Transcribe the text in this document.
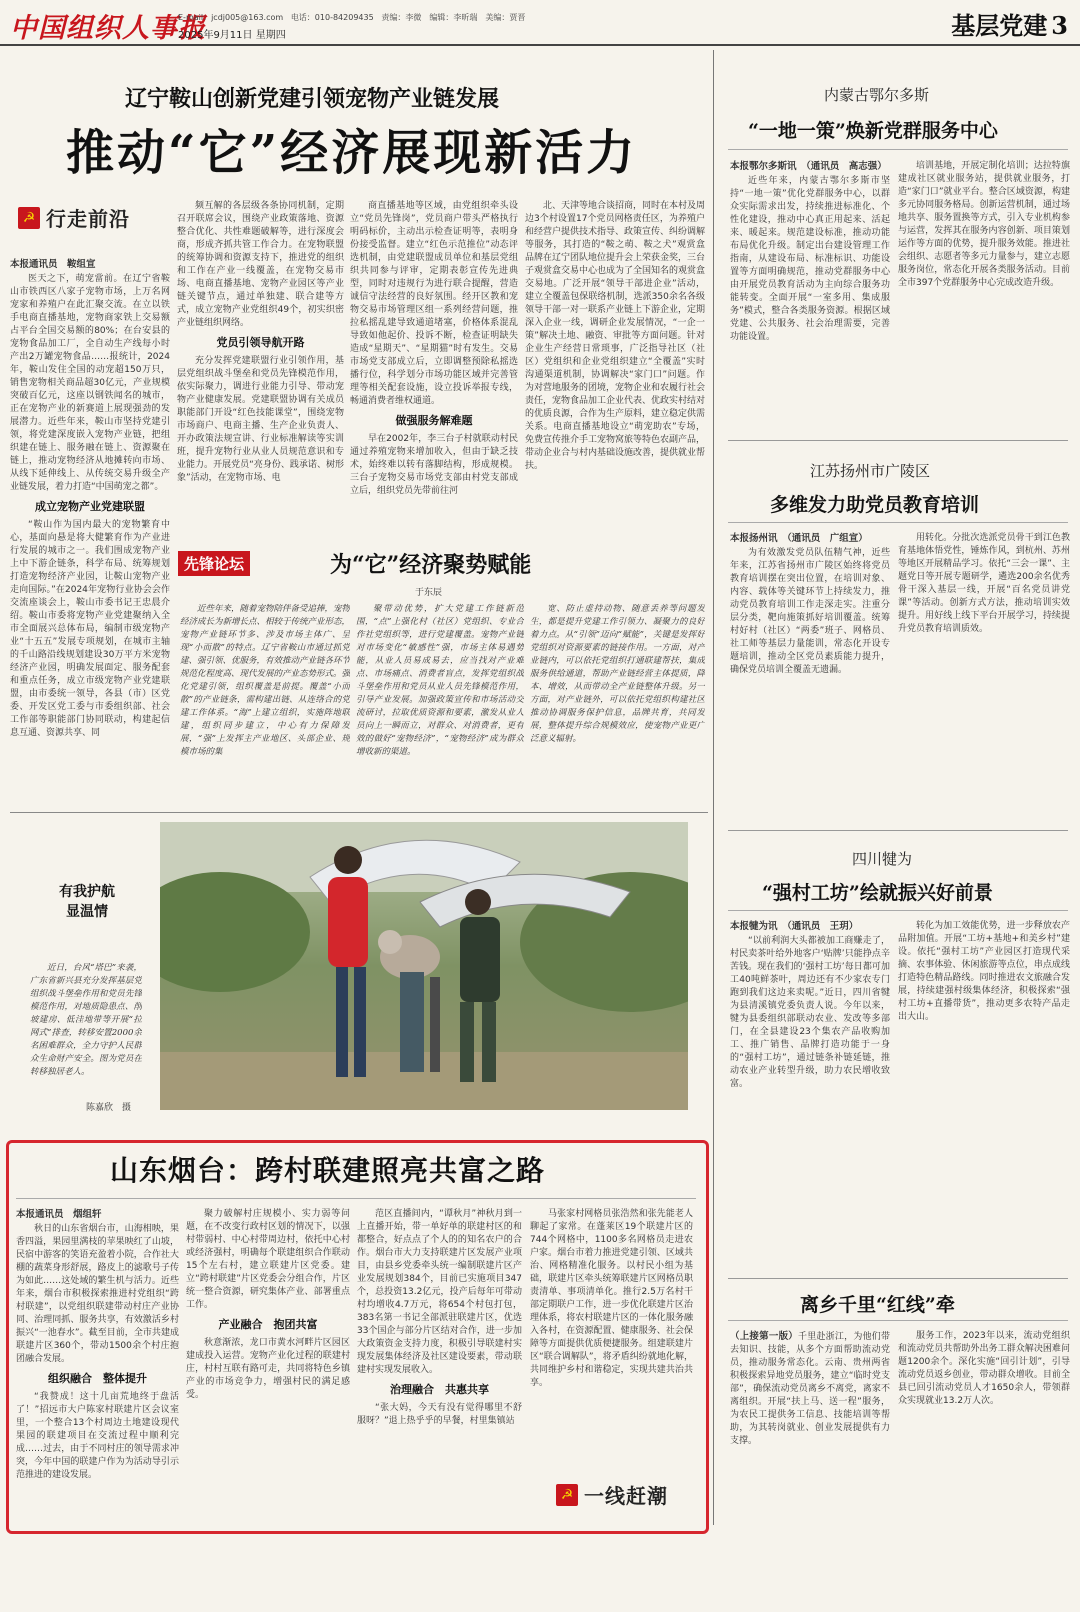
中国组织人事报
E-mail：jcdj005@163.com 电话：010-84209435 责编：李微　编辑：李昕瑞　美编：贾晋
2025年9月11日 星期四	基层党建 3
辽宁鞍山创新党建引领宠物产业链发展
推动“它”经济展现新活力
☭ 行走前沿
本报通讯员　鞍组宣

医天之下，萌宠當前。在辽宁省鞍山市铁西区八家子宠物市场，上万名网宠家和养殖户在此汇聚交流。在立以铁手电商直播基地，宠物商家铁上交易额占平台全国交易额的80%；在台安县的宠物食品加工厂，全自动生产线每小时产出2万罐宠物食品……报统计，2024年，鞍山发住全国的动宠超150万只，销售宠物相关商品超30亿元，产业规模突破百亿元，这座以钢铁闻名的城市，正在宠物产业的新赛道上展现强劲的发展潜力。近些年来，鞍山市坚持党建引领，将党建深度嵌入宠物产业链，把组织建在链上、服务融在链上、资源聚在链上，推动宠物经济从地摊转向市场、从线下延伸线上、从传统交易升级全产业链发展，着力打造“中国萌宠之都”。

成立宠物产业党建联盟

“鞍山作为国内最大的宠物繁育中心，基面向悬是将大健繁育作为产业进行发展的城市之一。我们围成宠物产业上中下游企链条，科学布局、统筹规划打造宠物经济产业园，让鞍山宠物产业走向国际。”在2024年宠物行业协会会作交流座谈会上，鞍山市委书记王忠晨介绍。鞍山市委将宠物产业党建聚纳入全市全面展兴总体布局，编制市级宠物产业“十五五”发展专项规划，在城市主轴的千山路沿线规划建设30万平方米宠物经济产业园，明确发展面定、服务配套和重点任务，成立市级宠物产业党建联盟，由市委统一领导，各县（市）区党委、开发区党工委与市委组织部、社会工作部等职能部门协同联动，构建起信息互通、资源共享、同

频互解的各层级各条协同机制，定期召开联席会议，围绕产业政策落地、资源整合优化、共性难题破解等，进行深度会商，形成齐抓共管工作合力。在宠物联盟的统筹协调和资源支持下，推进党的组织和工作在产业一线覆盖，在宠物交易市场、电商直播基地、宠物产业园区等产业链关键节点，通过单独建、联合建等方式，成立宠物产业党组织49个，初实织密产业链组织网络。

党员引领导航开路

充分发挥党建联盟行业引领作用，基层党组织战斗堡垒和党员先锋模范作用，依实际聚力，调进行业能力引导、带动宠物产业健康发展。党建联盟协调有关成员职能部门开设“红色技能课堂”，围绕宠物市场商户、电商主播、生产企业负责人、开办政策法规宣讲、行业标准解读等实训班，提升宠物行业从业人员规范意识和专业能力。开展党员“亮身份、践承诺、树形象”活动，在宠物市场、电

商直播基地等区域，由党组织牵头设立“党员先锋岗”，党员商户带头严格执行明码标价，主动出示检查证明等，表明身份接受监督。建立“红色示范推位”动态评选机制，由党建联盟成员单位和基层党组织共同参与评审，定期表彰宣传先进典型，同时对违规行为进行联合提醒，营造诚信守法经营的良好氛围。经开区教和宠物交易市场管理区组一系列经营问题，推拉私摇乱建导致通道堵塞，价格体系混乱导致如他起价、投诉不断，检查证明缺失造成“星期天”、“星期猫”时有发生。交易市场党支部成立后，立即调整预除私摇选播行位，科学划分市场功能区域并完善管理等相关配套设施，设立投诉举报专线，畅通消费者维权通道。

做强服务解难题

早在2002年，李三台子村就联动村民通过养殖宠物来增加收入，但由于缺乏技术，始终难以转有落脚结构，形成规模。三台子宠物交易市场党支部由村党支部成立后，组织党员先带前往河

北、天津等地合谈招商，同时在本村及周边3个村设置17个党员网格责任区，为养殖户和经营户提供技术指导、政策宣传、纠纷调解等服务，其打造的“鞍之萌、鞍之犬”观赏盒品牌在辽宁团队地位提升会上荣获金奖，三台子观赏盒交易中心也成为了全国知名的观赏盒交易地。广泛开展“领导干部进企业”活动，建立全覆盖包保联络机制，选派350余名各级领导干部一对一联系产业链上下游企业，定期深入企业一线，调研企业发展情况，“一企一策”解决土地、融资、审批等方面问题。针对企业生产经营日常琐事，广泛指导社区（社区）党组织和企业党组织建立“全覆盖”实时沟通渠道机制，协调解决“家门口”问题。作为对营地服务的团境，宠物企业和农履行社会责任，宠物食品加工企业代表、优政实村结对的优质良源，合作为生产原料，建立稳定供需关系。电商直播基地设立“萌宠助农”专场，免费宣传推介手工宠物窝旅等特色农副产品，带动企业合与村内基础设施改善，提供就业帮扶。

先锋论坛	为“它”经济聚势赋能
于东辰

近些年来，随着宠物陪伴备受追捧，宠物经济成长为新增长点、相较于传统产业形态，宠物产业链环节多、涉及市场主体广、呈现“小而散”的特点。辽宁省鞍山市通过抓党建、强引领、优服务，有效推动产业链各环节规范化程度高、现代发展的产业态势形式。强化党建引领，组织覆盖是前提。覆盖“小而散”的产业链条，需构建出链、从连络合的党建工作体系。“海”上建立组织，实施阵地联建，组织同步建立，中心有力保障发展，“强”上发挥主产业地区、头部企业、规模市场的集

聚带动优势，扩大党建工作链新范围，“点”上强化村（社区）党组织、专业合作社党组织等，进行党建覆盖。宠物产业链对市场变化“敏感性”强，市场主体易遇势能，从业人员易成易去，应当找对产业难点、市场痛点、消费者盲点，发挥党组织战斗堡垒作用和党员从业人员先锋模范作用，引导产业发展。加强政策宣传和市场活动交流研讨，拉取优质资源和要素，激发从业人员向上一瞬而立，对群众、对消费者，更有效的做好“宠物经济”，“宠物经济”成为群众增收新的渠道。

宽、防止虚持动物、随意丢养等问题发生，都是提升党建工作引领力、凝聚力的良好着力点。从“引领”迈向“赋能”，关键是发挥好党组织对资源要素的链接作用。一方面，对产业链内，可以依托党组织打通联建帮扶，集成服务供给通道，帮助产业链经营主体提质，降本、增效，从而带动全产业链整体升级。另一方面，对产业链外，可以依托党组织构建社区推动协调服务保护信息，品牌共育，共同发展，整体提升综合规模效应，使宠物产业更广泛意义辐射。

有我护航
显温情

近日，台风“塔巴”来袭，广东省新兴县充分发挥基层党组织战斗堡垒作用和党员先锋模范作用，对地质隐患点、削坡建房、低洼地带等开展“拉网式”排查，转移安置2000余名困难群众，全力守护人民群众生命财产安全。图为党员在转移独居老人。

陈嘉欣　摄
山东烟台：跨村联建照亮共富之路
本报通讯员　烟组轩

秋日的山东省烟台市，山海相映，果香四溢，果园里满枝的苹果映红了山坡，民宿中游客的笑语充盈着小院，合作社大棚的蔬菜身形舒展，路皮上的滤歌号子传为如此……这处域的繁生机与活力。近些年来，烟台市积极探索推进村党组织“跨村联建”，以党组织联建带动村庄产业协同、治理同抓、服务共享，有效激活乡村振兴“一池春水”。截至目前，全市共建成联建片区360个，带动1500余个村庄抱团融合发展。

组织融合　整体提升

“我赞成！这十几亩荒地终于盘活了！”招远市大户陈家村联建片区会议室里，一个整合13个村周边土地建设现代果园的联建项目在交流过程中顺利完成……过去，由于不同村庄的领导需求冲突，今年中国的联建户作为为活动导引示范推进的建设发展。

聚力破解村庄规模小、实力弱等问题，在不改变行政村区划的情况下，以强村带弱村、中心村带周边村，依托中心村或经济强村，明确每个联建组织合作联动15个左右村，建立联建片区党委。建立“跨村联建”片区党委会分组合作，片区统一整合资源，研究集体产业、部署重点工作。

产业融合　抱团共富

秋意渐浓，龙口市黄水河畔片区园区建成投入运营。宠物产业化过程的联建村庄，村村互联有路可走，共同将特色乡镇产业的市场竞争力，增强村民的满足感受。

范区直播间内，“谭秋月”神秋月到一上直播开始，带一单好单的联建村区的和都整合，好点点了个人的的知名农户的合作。烟台市大力支持联建片区发展产业项目，由县乡党委牵头统一编制联建片区产业发展规划384个，目前已实施项目347个，总投资13.2亿元，投产后每年可带动村均增收4.7万元，将654个村包打包，383名第一书记全部派驻联建片区，优选33个国企与部分片区结对合作，进一步加大政策资金支持力度，积极引导联建村实现发展集体经济及社区建设要素，带动联建村实现发展收入。

治理融合　共惠共享

“张大妈，今天有没有觉得哪里不舒服呀？”退上热乎乎的早餐，村里集镇站

马张家村网格员张浩然和张先能老人聊起了家常。在蓬莱区19个联建片区的744个网格中，1100多名网格员走进农户家。烟台市着力推进党建引领、区域共治、网格精准化服务。以村民小组为基础，联建片区牵头统筹联建片区网格员职责清单、事项清单化。推行2.5万名村干部定期联户工作，进一步优化联建片区治理体系，将农村联建片区的一体化服务融入各村，在资源配置、健康服务、社会保障等方面提供优质便捷服务。组建联建片区“联合调解队”，将矛盾纠纷就地化解，共同维护乡村和谐稳定，实现共建共治共享。

☭ 一线赶潮
内蒙古鄂尔多斯
“一地一策”焕新党群服务中心
本报鄂尔多斯讯　（通讯员　高志强）

近些年来，内蒙古鄂尔多斯市坚持“一地一策”优化党群服务中心，以群众实际需求出发，持续推进标准化、个性化建设，推动中心真正用起来、活起来、暖起来。规范建设标准，推动功能布局优化升级。制定出台建设管理工作指南，从建设布局、标准标识、功能设置等方面明确规范，推动党群服务中心由开展党员教育活动为主向综合服务功能转变。全面开展“一室多用、集成服务”模式，整合各类服务资源。根据区域党建、公共服务、社会治理需要，完善功能设置。

培训基地，开展定制化培训；达拉特旗建成社区就业服务站，提供就业服务，打造“家门口”就业平台。整合区域资源，构建多元协同服务格局。创新运营机制，通过场地共享、服务置换等方式，引入专业机构参与运营，发挥其在服务内容创新、项目策划运作等方面的优势，提升服务效能。推进社会组织、志愿者等多元力量参与，建立志愿服务岗位，常态化开展各类服务活动。目前全市397个党群服务中心完成改造升级。

江苏扬州市广陵区
多维发力助党员教育培训
本报扬州讯　（通讯员　广组宣）

为有效激发党员队伍精气神，近些年来，江苏省扬州市广陵区始终将党员教育培训摆在突出位置，在培训对象、内容、载体等关键环节上持续发力，推动党员教育培训工作走深走实。注重分层分类，靶向施策抓好培训覆盖。统筹村好村（社区）“两委”班子、网格员、社工师等基层力量能训，常态化开设专题培训，推动全区党员素质能力提升，确保党员培训全覆盖无遗漏。

用转化。分批次选派党员骨干到江色教育基地体悟党性，锤炼作风，到杭州、苏州等地区开展精品学习。依托“三会一课”、主题党日等开展专题研学，遴选200余名优秀骨干深入基层一线，开展“百名党员讲党课”等活动。创新方式方法，推动培训实效提升。用好线上线下平台开展学习，持续提升党员教育培训质效。

四川犍为
“强村工坊”绘就振兴好前景
本报犍为讯　（通讯员　王玥）

“以前利润大头都被加工商赚走了，村民卖茶叶给外地客户‘贴牌’只能挣点辛苦钱。现在我们的‘强村工坊’每日都可加工40吨鲜茶叶，周边还有不少家农专门跑到我们这边来卖呢。”近日，四川省犍为县清溪镇党委负责人说。今年以来，犍为县委组织部联动农业、发改等多部门，在全县建设23个集农产品收购加工、推广销售、品牌打造功能于一身的“强村工坊”，通过链条补链延链，推动农业产业转型升级，助力农民增收致富。

转化为加工效能优势，进一步释放农产品附加值。开展“工坊+基地+和美乡村”建设。依托“强村工坊”产业园区打造现代采摘、农事体验、休闲旅游等点位，串点成线打造特色精品路线。同时推进农文旅融合发展，持续建强村级集体经济，积极探索“强村工坊+直播带货”，推动更多农特产品走出大山。

离乡千里“红线”牵

（上接第一版）千里赴浙江，为他们带去知识、技能，从多个方面帮助流动党员，推动服务常态化。云南、贵州两省积极探索异地党员服务，建立“临时党支部”，确保流动党员离乡不离党，离家不离组织。开展“扶上马、送一程”服务，为农民工提供务工信息、技能培训等帮助，为其转岗就业、创业发展提供有力支撑。

服务工作，2023年以来，流动党组织和流动党员共帮助外出务工群众解决困难问题1200余个。深化实施“回引计划”，引导流动党员返乡创业，带动群众增收。目前全县已回引流动党员人才1650余人，带领群众实现就业13.2万人次。
